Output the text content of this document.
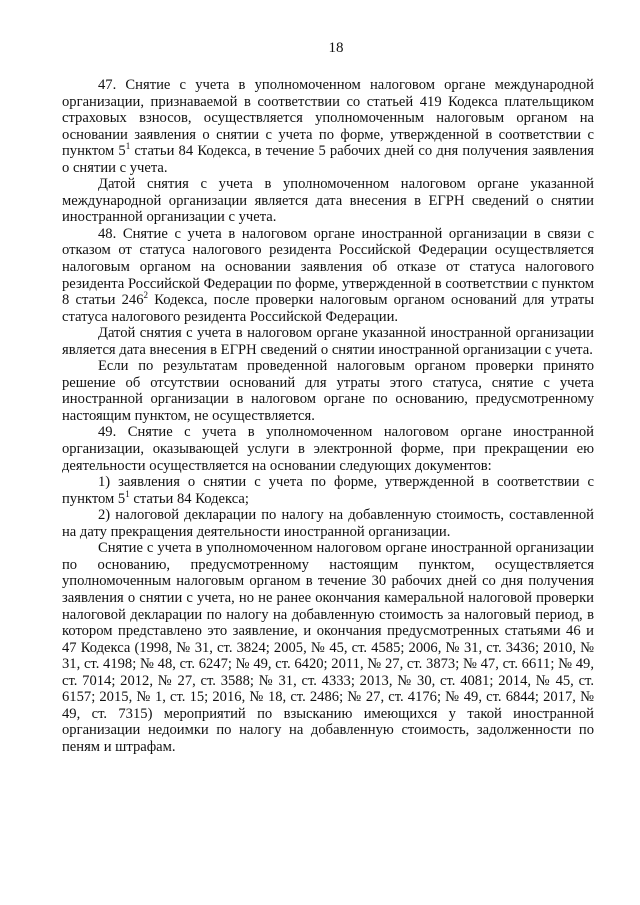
18

47. Снятие с учета в уполномоченном налоговом органе международной организации, признаваемой в соответствии со статьей 419 Кодекса плательщиком страховых взносов, осуществляется уполномоченным налоговым органом на основании заявления о снятии с учета по форме, утвержденной в соответствии с пунктом $5^1$ статьи 84 Кодекса, в течение 5 рабочих дней со дня получения заявления о снятии с учета.

Датой снятия с учета в уполномоченном налоговом органе указанной международной организации является дата внесения в ЕГРН сведений о снятии иностранной организации с учета.

48. Снятие с учета в налоговом органе иностранной организации в связи с отказом от статуса налогового резидента Российской Федерации осуществляется налоговым органом на основании заявления об отказе от статуса налогового резидента Российской Федерации по форме, утвержденной в соответствии с пунктом 8 статьи $246^2$ Кодекса, после проверки налоговым органом оснований для утраты статуса налогового резидента Российской Федерации.

Датой снятия с учета в налоговом органе указанной иностранной организации является дата внесения в ЕГРН сведений о снятии иностранной организации с учета.

Если по результатам проведенной налоговым органом проверки принято решение об отсутствии оснований для утраты этого статуса, снятие с учета иностранной организации в налоговом органе по основанию, предусмотренному настоящим пунктом, не осуществляется.

49. Снятие с учета в уполномоченном налоговом органе иностранной организации, оказывающей услуги в электронной форме, при прекращении ею деятельности осуществляется на основании следующих документов:

1) заявления о снятии с учета по форме, утвержденной в соответствии с пунктом $5^1$ статьи 84 Кодекса;

2) налоговой декларации по налогу на добавленную стоимость, составленной на дату прекращения деятельности иностранной организации.

Снятие с учета в уполномоченном налоговом органе иностранной организации по основанию, предусмотренному настоящим пунктом, осуществляется уполномоченным налоговым органом в течение 30 рабочих дней со дня получения заявления о снятии с учета, но не ранее окончания камеральной налоговой проверки налоговой декларации по налогу на добавленную стоимость за налоговый период, в котором представлено это заявление, и окончания предусмотренных статьями 46 и 47 Кодекса (1998, № 31, ст. 3824; 2005, № 45, ст. 4585; 2006, № 31, ст. 3436; 2010, № 31, ст. 4198; № 48, ст. 6247; № 49, ст. 6420; 2011, № 27, ст. 3873; № 47, ст. 6611; № 49, ст. 7014; 2012, № 27, ст. 3588; № 31, ст. 4333; 2013, № 30, ст. 4081; 2014, № 45, ст. 6157; 2015, № 1, ст. 15; 2016, № 18, ст. 2486; № 27, ст. 4176; № 49, ст. 6844; 2017, № 49, ст. 7315) мероприятий по взысканию имеющихся у такой иностранной организации недоимки по налогу на добавленную стоимость, задолженности по пеням и штрафам.
